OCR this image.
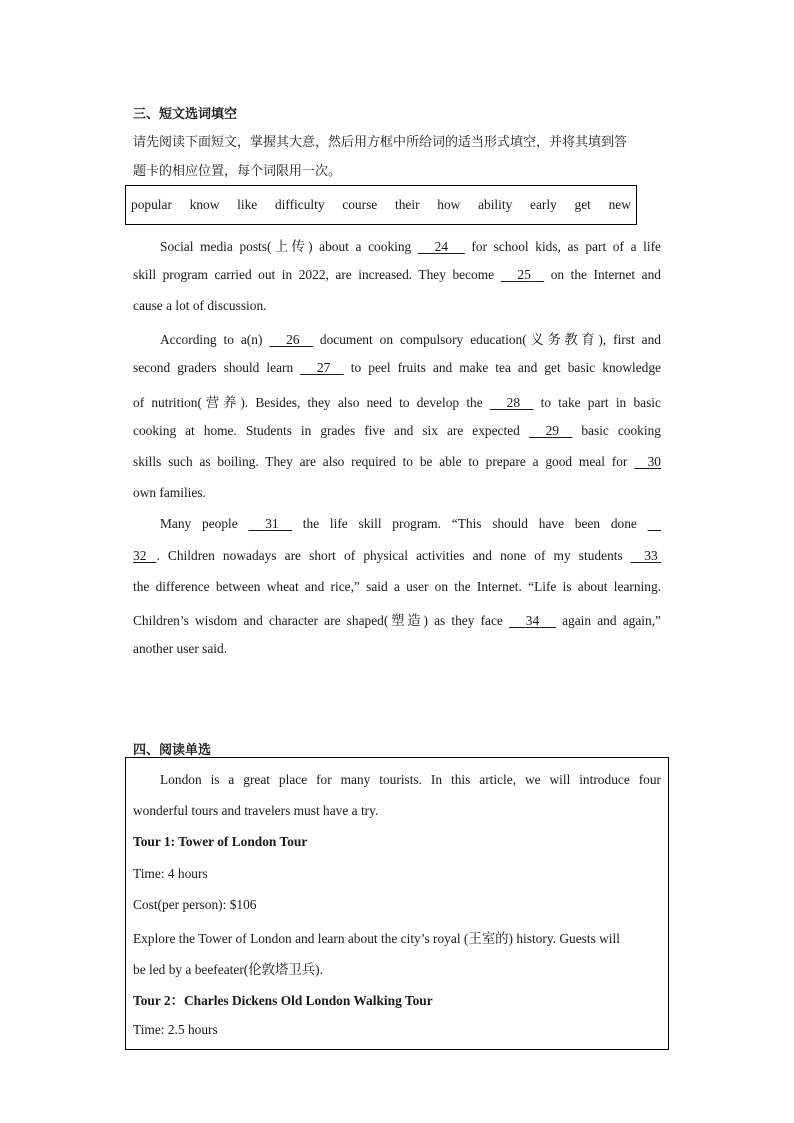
三、短文选词填空
请先阅读下面短文，掌握其大意，然后用方框中所给词的适当形式填空，并将其填到答
题卡的相应位置，每个词限用一次。
popular know like difficulty course their how ability early get new
Social media posts(上传) about a cooking 24 for school kids, as part of a life
skill program carried out in 2022, are increased. They become 25 on the Internet and
cause a lot of discussion.
According to a(n) 26 document on compulsory education(义务教育), first and
second graders should learn 27 to peel fruits and make tea and get basic knowledge
of nutrition(营养). Besides, they also need to develop the 28 to take part in basic
cooking at home. Students in grades five and six are expected 29 basic cooking
skills such as boiling. They are also required to be able to prepare a good meal for 30
own families.
Many people 31 the life skill program. “This should have been done
32 . Children nowadays are short of physical activities and none of my students 33
the difference between wheat and rice,” said a user on the Internet. “Life is about learning.
Children’s wisdom and character are shaped(塑造) as they face 34 again and again,”
another user said.
四、阅读单选
London is a great place for many tourists. In this article, we will introduce four
wonderful tours and travelers must have a try.
Tour 1: Tower of London Tour
Time: 4 hours
Cost(per person): $106
Explore the Tower of London and learn about the city’s royal (王室的) history. Guests will
be led by a beefeater(伦敦塔卫兵).
Tour 2：Charles Dickens Old London Walking Tour
Time: 2.5 hours
